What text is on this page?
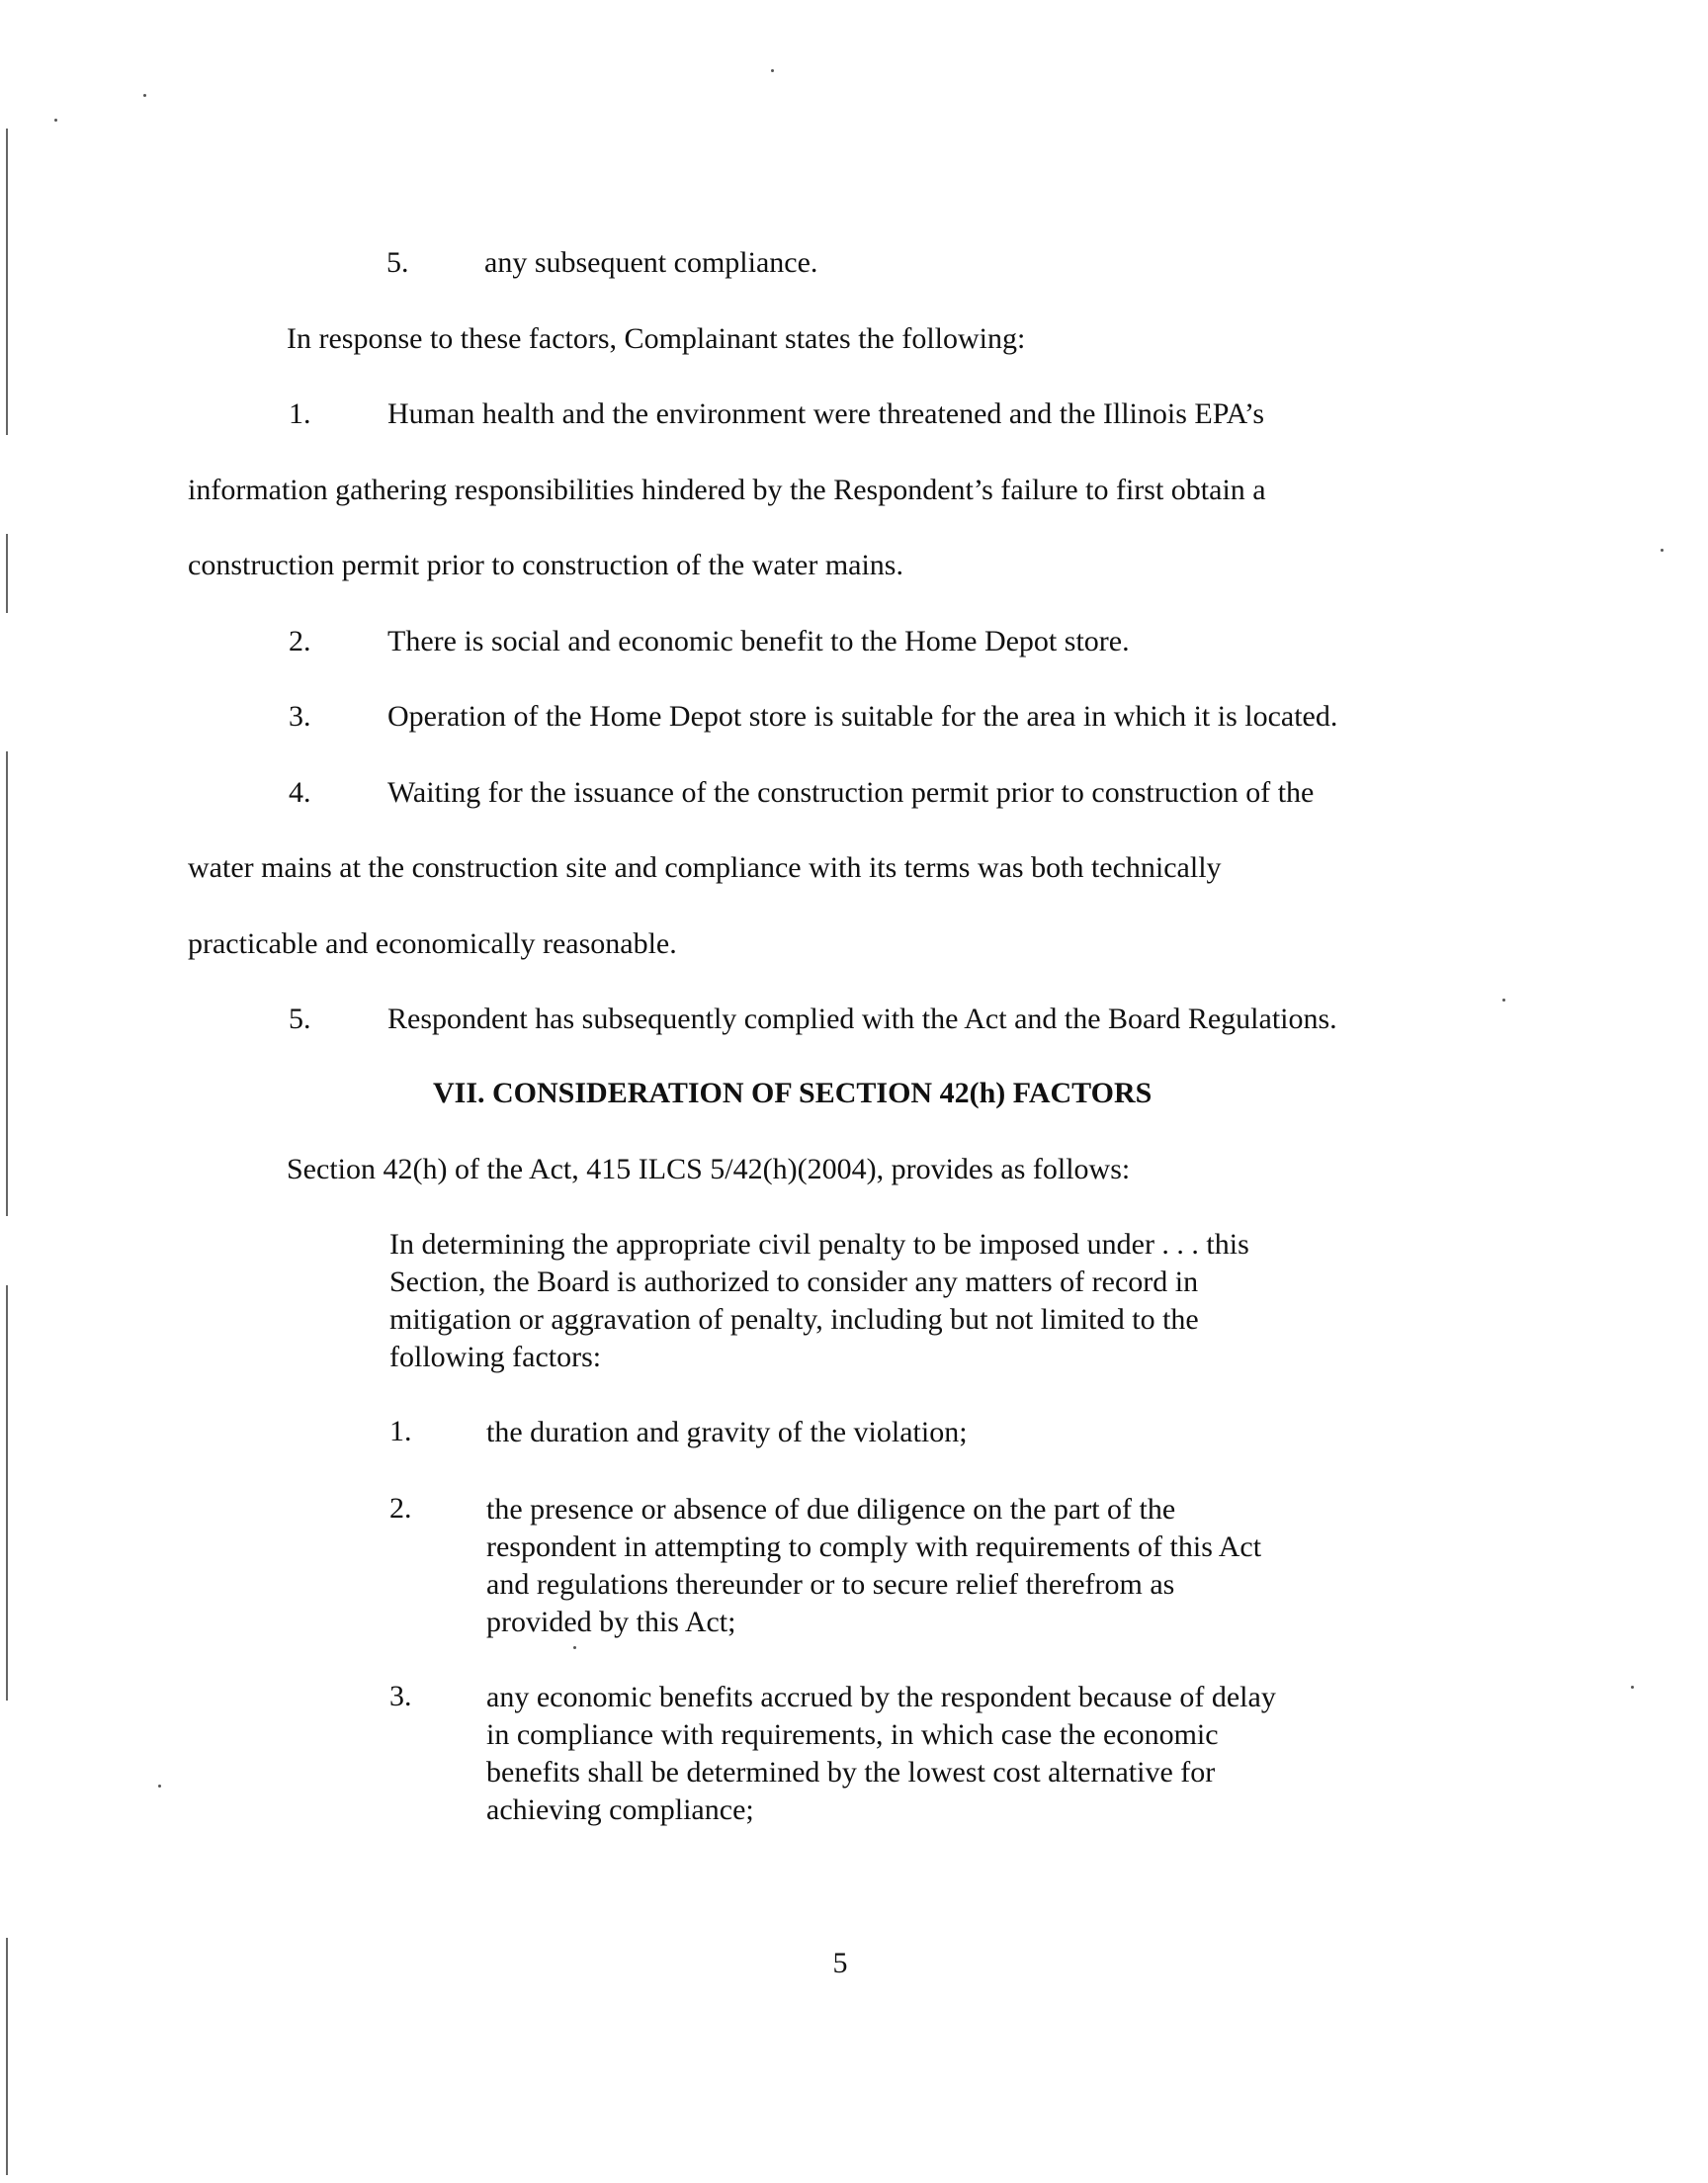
5.	any subsequent compliance.
In response to these factors, Complainant states the following:
1.	Human health and the environment were threatened and the Illinois EPA’s
information gathering responsibilities hindered by the Respondent’s failure to first obtain a
construction permit prior to construction of the water mains.
2.	There is social and economic benefit to the Home Depot store.
3.	Operation of the Home Depot store is suitable for the area in which it is located.
4.	Waiting for the issuance of the construction permit prior to construction of the
water mains at the construction site and compliance with its terms was both technically
practicable and economically reasonable.
5.	Respondent has subsequently complied with the Act and the Board Regulations.
VII. CONSIDERATION OF SECTION 42(h) FACTORS
Section 42(h) of the Act, 415 ILCS 5/42(h)(2004), provides as follows:
In determining the appropriate civil penalty to be imposed under . . . this
Section, the Board is authorized to consider any matters of record in
mitigation or aggravation of penalty, including but not limited to the
following factors:
1.	the duration and gravity of the violation;
2.	the presence or absence of due diligence on the part of the
respondent in attempting to comply with requirements of this Act
and regulations thereunder or to secure relief therefrom as
provided by this Act;
3.	any economic benefits accrued by the respondent because of delay
in compliance with requirements, in which case the economic
benefits shall be determined by the lowest cost alternative for
achieving compliance;
5
